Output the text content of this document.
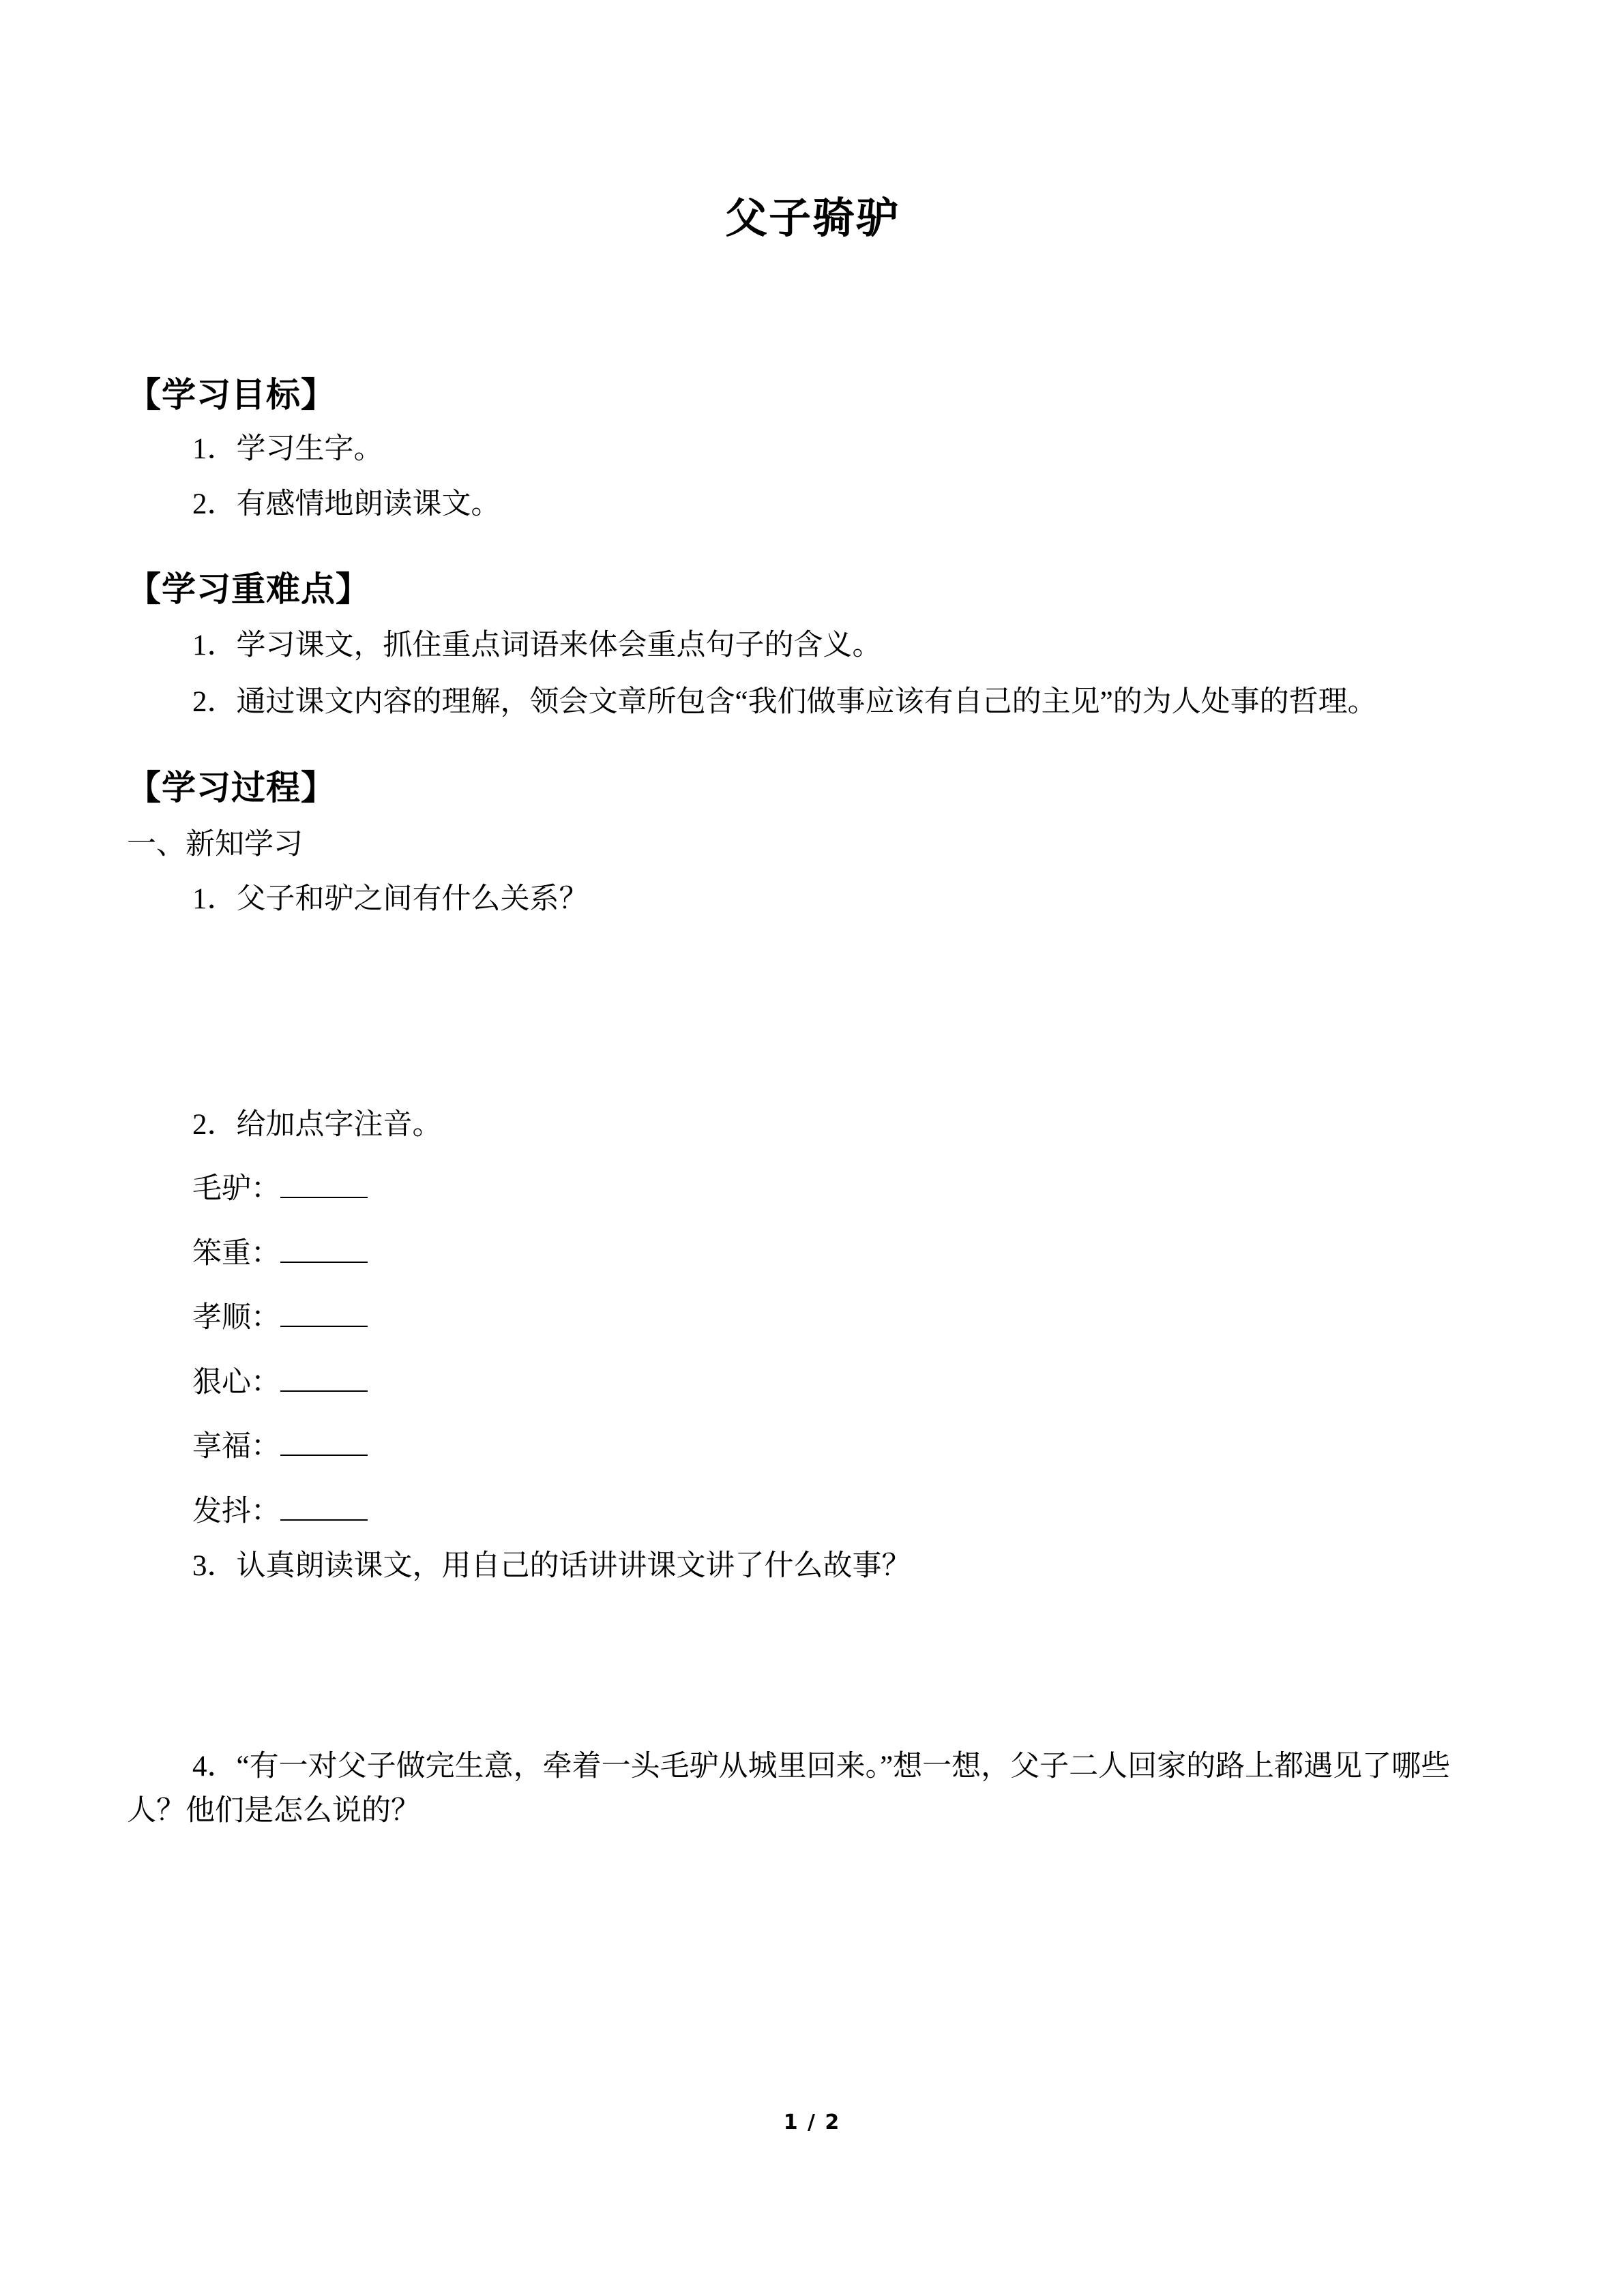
父子骑驴
【学习目标】

1．学习生字。

2．有感情地朗读课文。

【学习重难点】

1．学习课文，抓住重点词语来体会重点句子的含义。

2．通过课文内容的理解，领会文章所包含“我们做事应该有自己的主见”的为人处事的哲理。

【学习过程】

一、新知学习

1．父子和驴之间有什么关系？

2．给加点字注音。

毛驴：

笨重：

孝顺：

狠心：

享福：

发抖：

3．认真朗读课文，用自己的话讲讲课文讲了什么故事？

4．“有一对父子做完生意，牵着一头毛驴从城里回来。”想一想，父子二人回家的路上都遇见了哪些人？他们是怎么说的？

1 / 2
